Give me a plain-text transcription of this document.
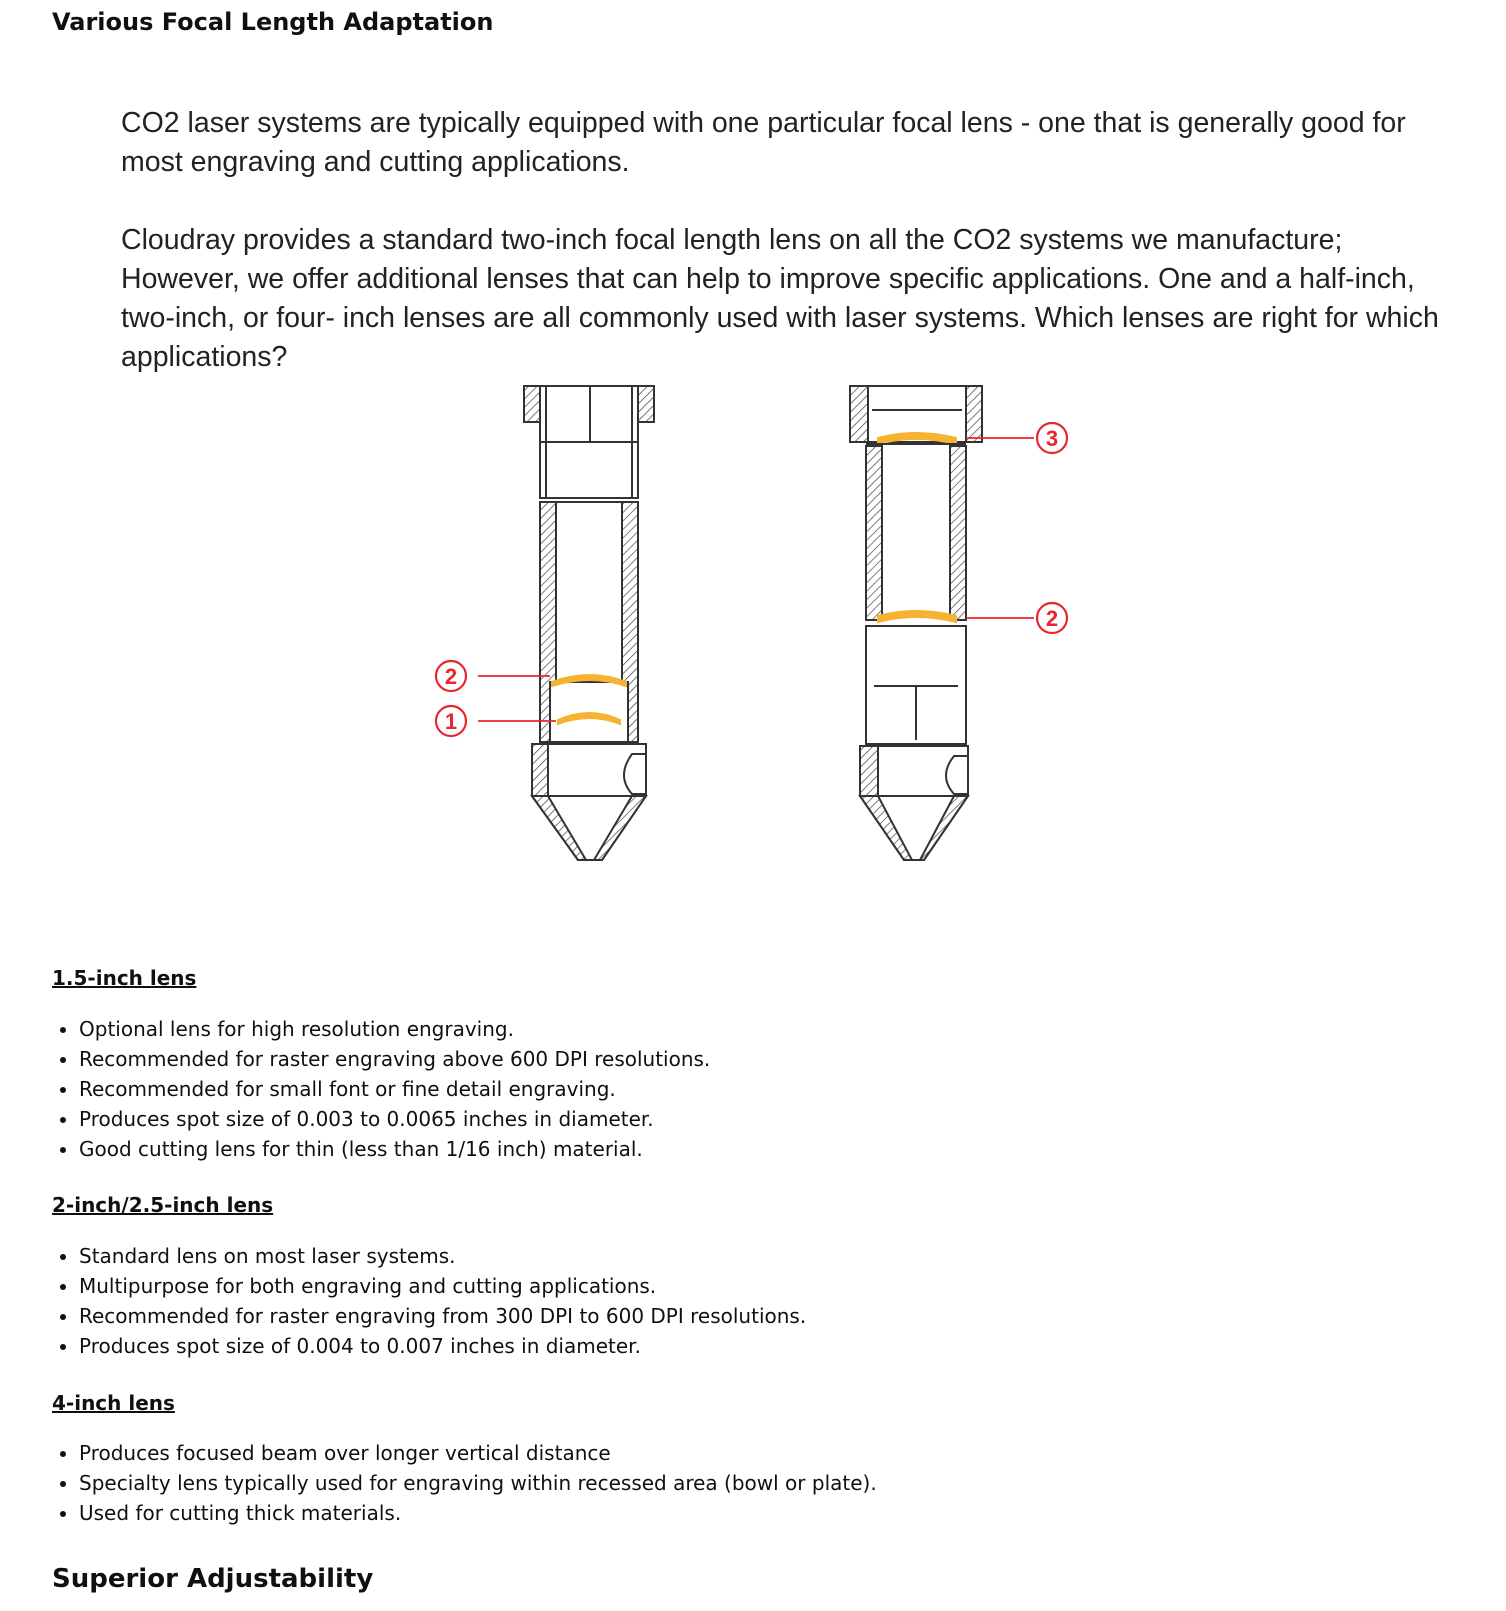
Various Focal Length Adaptation

CO2 laser systems are typically equipped with one particular focal lens - one that is generally good for most engraving and cutting applications.

Cloudray provides a standard two-inch focal length lens on all the CO2 systems we manufacture; However, we offer additional lenses that can help to improve specific applications. One and a half-inch, two-inch, or four- inch lenses are all commonly used with laser systems. Which lenses are right for which applications?

2
1
3
2
1.5-inch lens
• Optional lens for high resolution engraving.
• Recommended for raster engraving above 600 DPI resolutions.
• Recommended for small font or fine detail engraving.
• Produces spot size of 0.003 to 0.0065 inches in diameter.
• Good cutting lens for thin (less than 1/16 inch) material.
2-inch/2.5-inch lens
• Standard lens on most laser systems.
• Multipurpose for both engraving and cutting applications.
• Recommended for raster engraving from 300 DPI to 600 DPI resolutions.
• Produces spot size of 0.004 to 0.007 inches in diameter.
4-inch lens
• Produces focused beam over longer vertical distance
• Specialty lens typically used for engraving within recessed area (bowl or plate).
• Used for cutting thick materials.
Superior Adjustability
